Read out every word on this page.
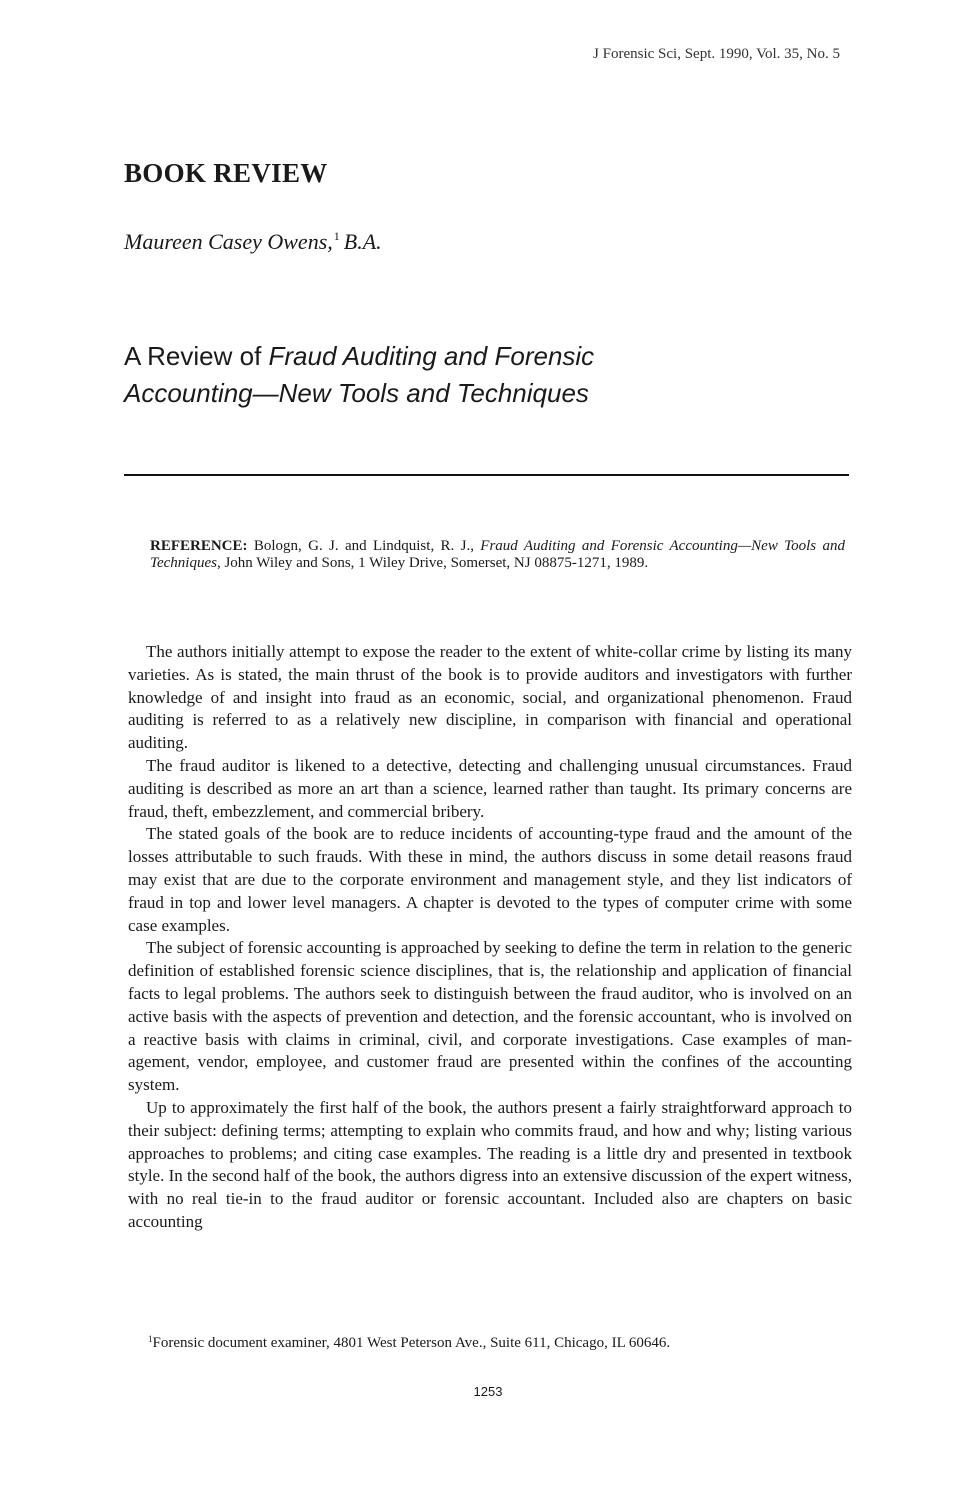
J Forensic Sci, Sept. 1990, Vol. 35, No. 5
BOOK REVIEW
Maureen Casey Owens,$^1$ B.A.
A Review of Fraud Auditing and Forensic
Accounting—New Tools and Techniques
REFERENCE: Bologn, G. J. and Lindquist, R. J., Fraud Auditing and Forensic Accounting—New Tools and Techniques, John Wiley and Sons, 1 Wiley Drive, Somerset, NJ 08875-1271, 1989.

The authors initially attempt to expose the reader to the extent of white-collar crime by listing its many varieties. As is stated, the main thrust of the book is to provide auditors and investigators with further knowledge of and insight into fraud as an economic, social, and organizational phenomenon. Fraud auditing is referred to as a relatively new discipline, in comparison with financial and operational auditing.

The fraud auditor is likened to a detective, detecting and challenging unusual circumstances. Fraud auditing is described as more an art than a science, learned rather than taught. Its primary concerns are fraud, theft, embezzlement, and commercial bribery.

The stated goals of the book are to reduce incidents of accounting-type fraud and the amount of the losses attributable to such frauds. With these in mind, the authors discuss in some detail reasons fraud may exist that are due to the corporate environment and management style, and they list indicators of fraud in top and lower level managers. A chapter is devoted to the types of computer crime with some case examples.

The subject of forensic accounting is approached by seeking to define the term in relation to the generic definition of established forensic science disciplines, that is, the relationship and application of financial facts to legal problems. The authors seek to distinguish between the fraud auditor, who is involved on an active basis with the aspects of prevention and detection, and the forensic accountant, who is involved on a reactive basis with claims in criminal, civil, and corporate investigations. Case examples of management, vendor, employee, and customer fraud are presented within the confines of the accounting system.

Up to approximately the first half of the book, the authors present a fairly straightforward approach to their subject: defining terms; attempting to explain who commits fraud, and how and why; listing various approaches to problems; and citing case examples. The reading is a little dry and presented in textbook style. In the second half of the book, the authors digress into an extensive discussion of the expert witness, with no real tie-in to the fraud auditor or forensic accountant. Included also are chapters on basic accounting

$^1$Forensic document examiner, 4801 West Peterson Ave., Suite 611, Chicago, IL 60646.
1253
